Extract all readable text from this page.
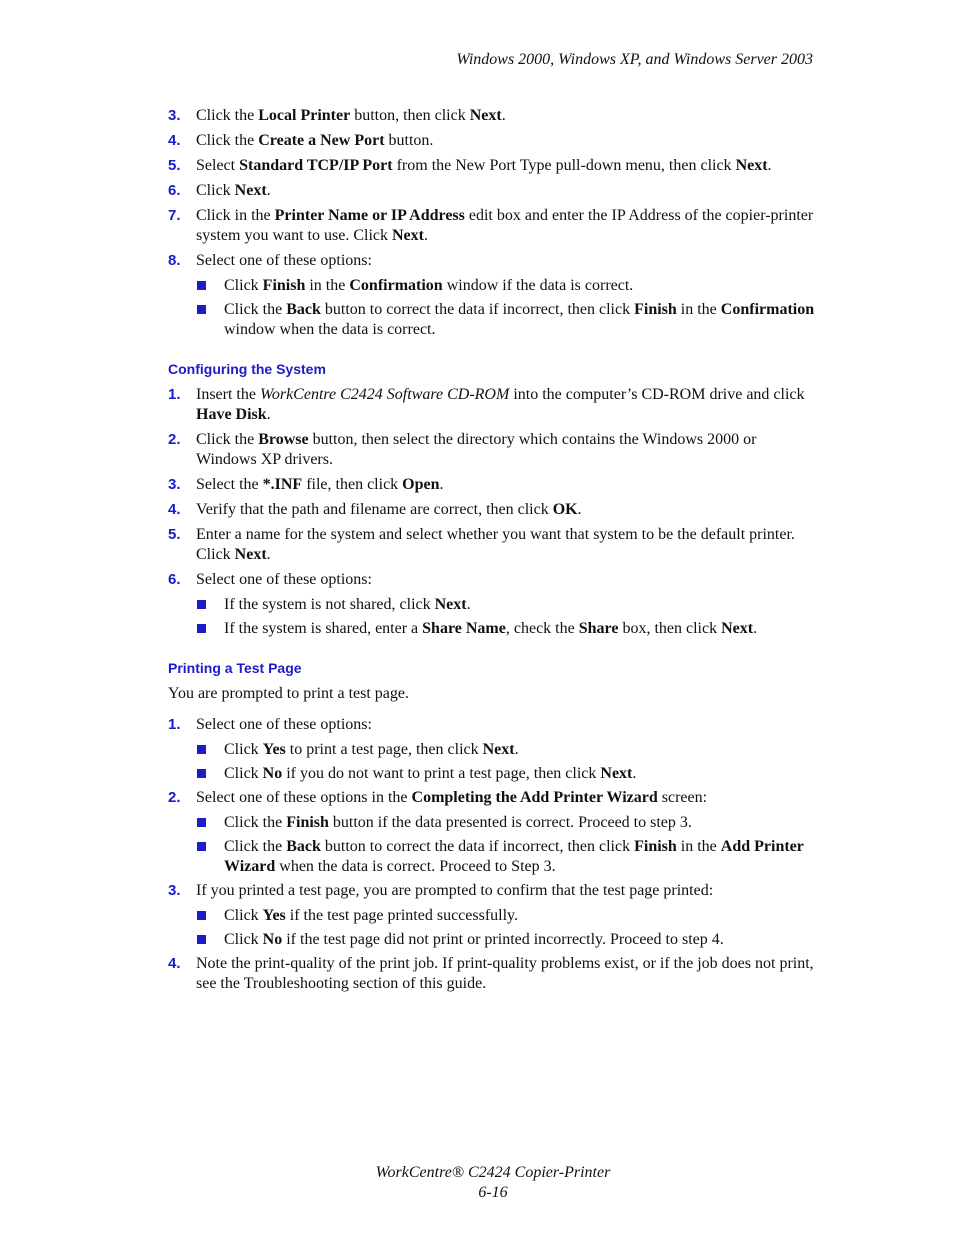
Windows 2000, Windows XP, and Windows Server 2003
3. Click the Local Printer button, then click Next.
4. Click the Create a New Port button.
5. Select Standard TCP/IP Port from the New Port Type pull-down menu, then click Next.
6. Click Next.
7. Click in the Printer Name or IP Address edit box and enter the IP Address of the copier-printer system you want to use. Click Next.
8. Select one of these options:
Click Finish in the Confirmation window if the data is correct.
Click the Back button to correct the data if incorrect, then click Finish in the Confirmation window when the data is correct.
Configuring the System
1. Insert the WorkCentre C2424 Software CD-ROM into the computer’s CD-ROM drive and click Have Disk.
2. Click the Browse button, then select the directory which contains the Windows 2000 or Windows XP drivers.
3. Select the *.INF file, then click Open.
4. Verify that the path and filename are correct, then click OK.
5. Enter a name for the system and select whether you want that system to be the default printer. Click Next.
6. Select one of these options:
If the system is not shared, click Next.
If the system is shared, enter a Share Name, check the Share box, then click Next.
Printing a Test Page
You are prompted to print a test page.
1. Select one of these options:
Click Yes to print a test page, then click Next.
Click No if you do not want to print a test page, then click Next.
2. Select one of these options in the Completing the Add Printer Wizard screen:
Click the Finish button if the data presented is correct. Proceed to step 3.
Click the Back button to correct the data if incorrect, then click Finish in the Add Printer Wizard when the data is correct. Proceed to Step 3.
3. If you printed a test page, you are prompted to confirm that the test page printed:
Click Yes if the test page printed successfully.
Click No if the test page did not print or printed incorrectly. Proceed to step 4.
4. Note the print-quality of the print job. If print-quality problems exist, or if the job does not print, see the Troubleshooting section of this guide.
WorkCentre® C2424 Copier-Printer
6-16
